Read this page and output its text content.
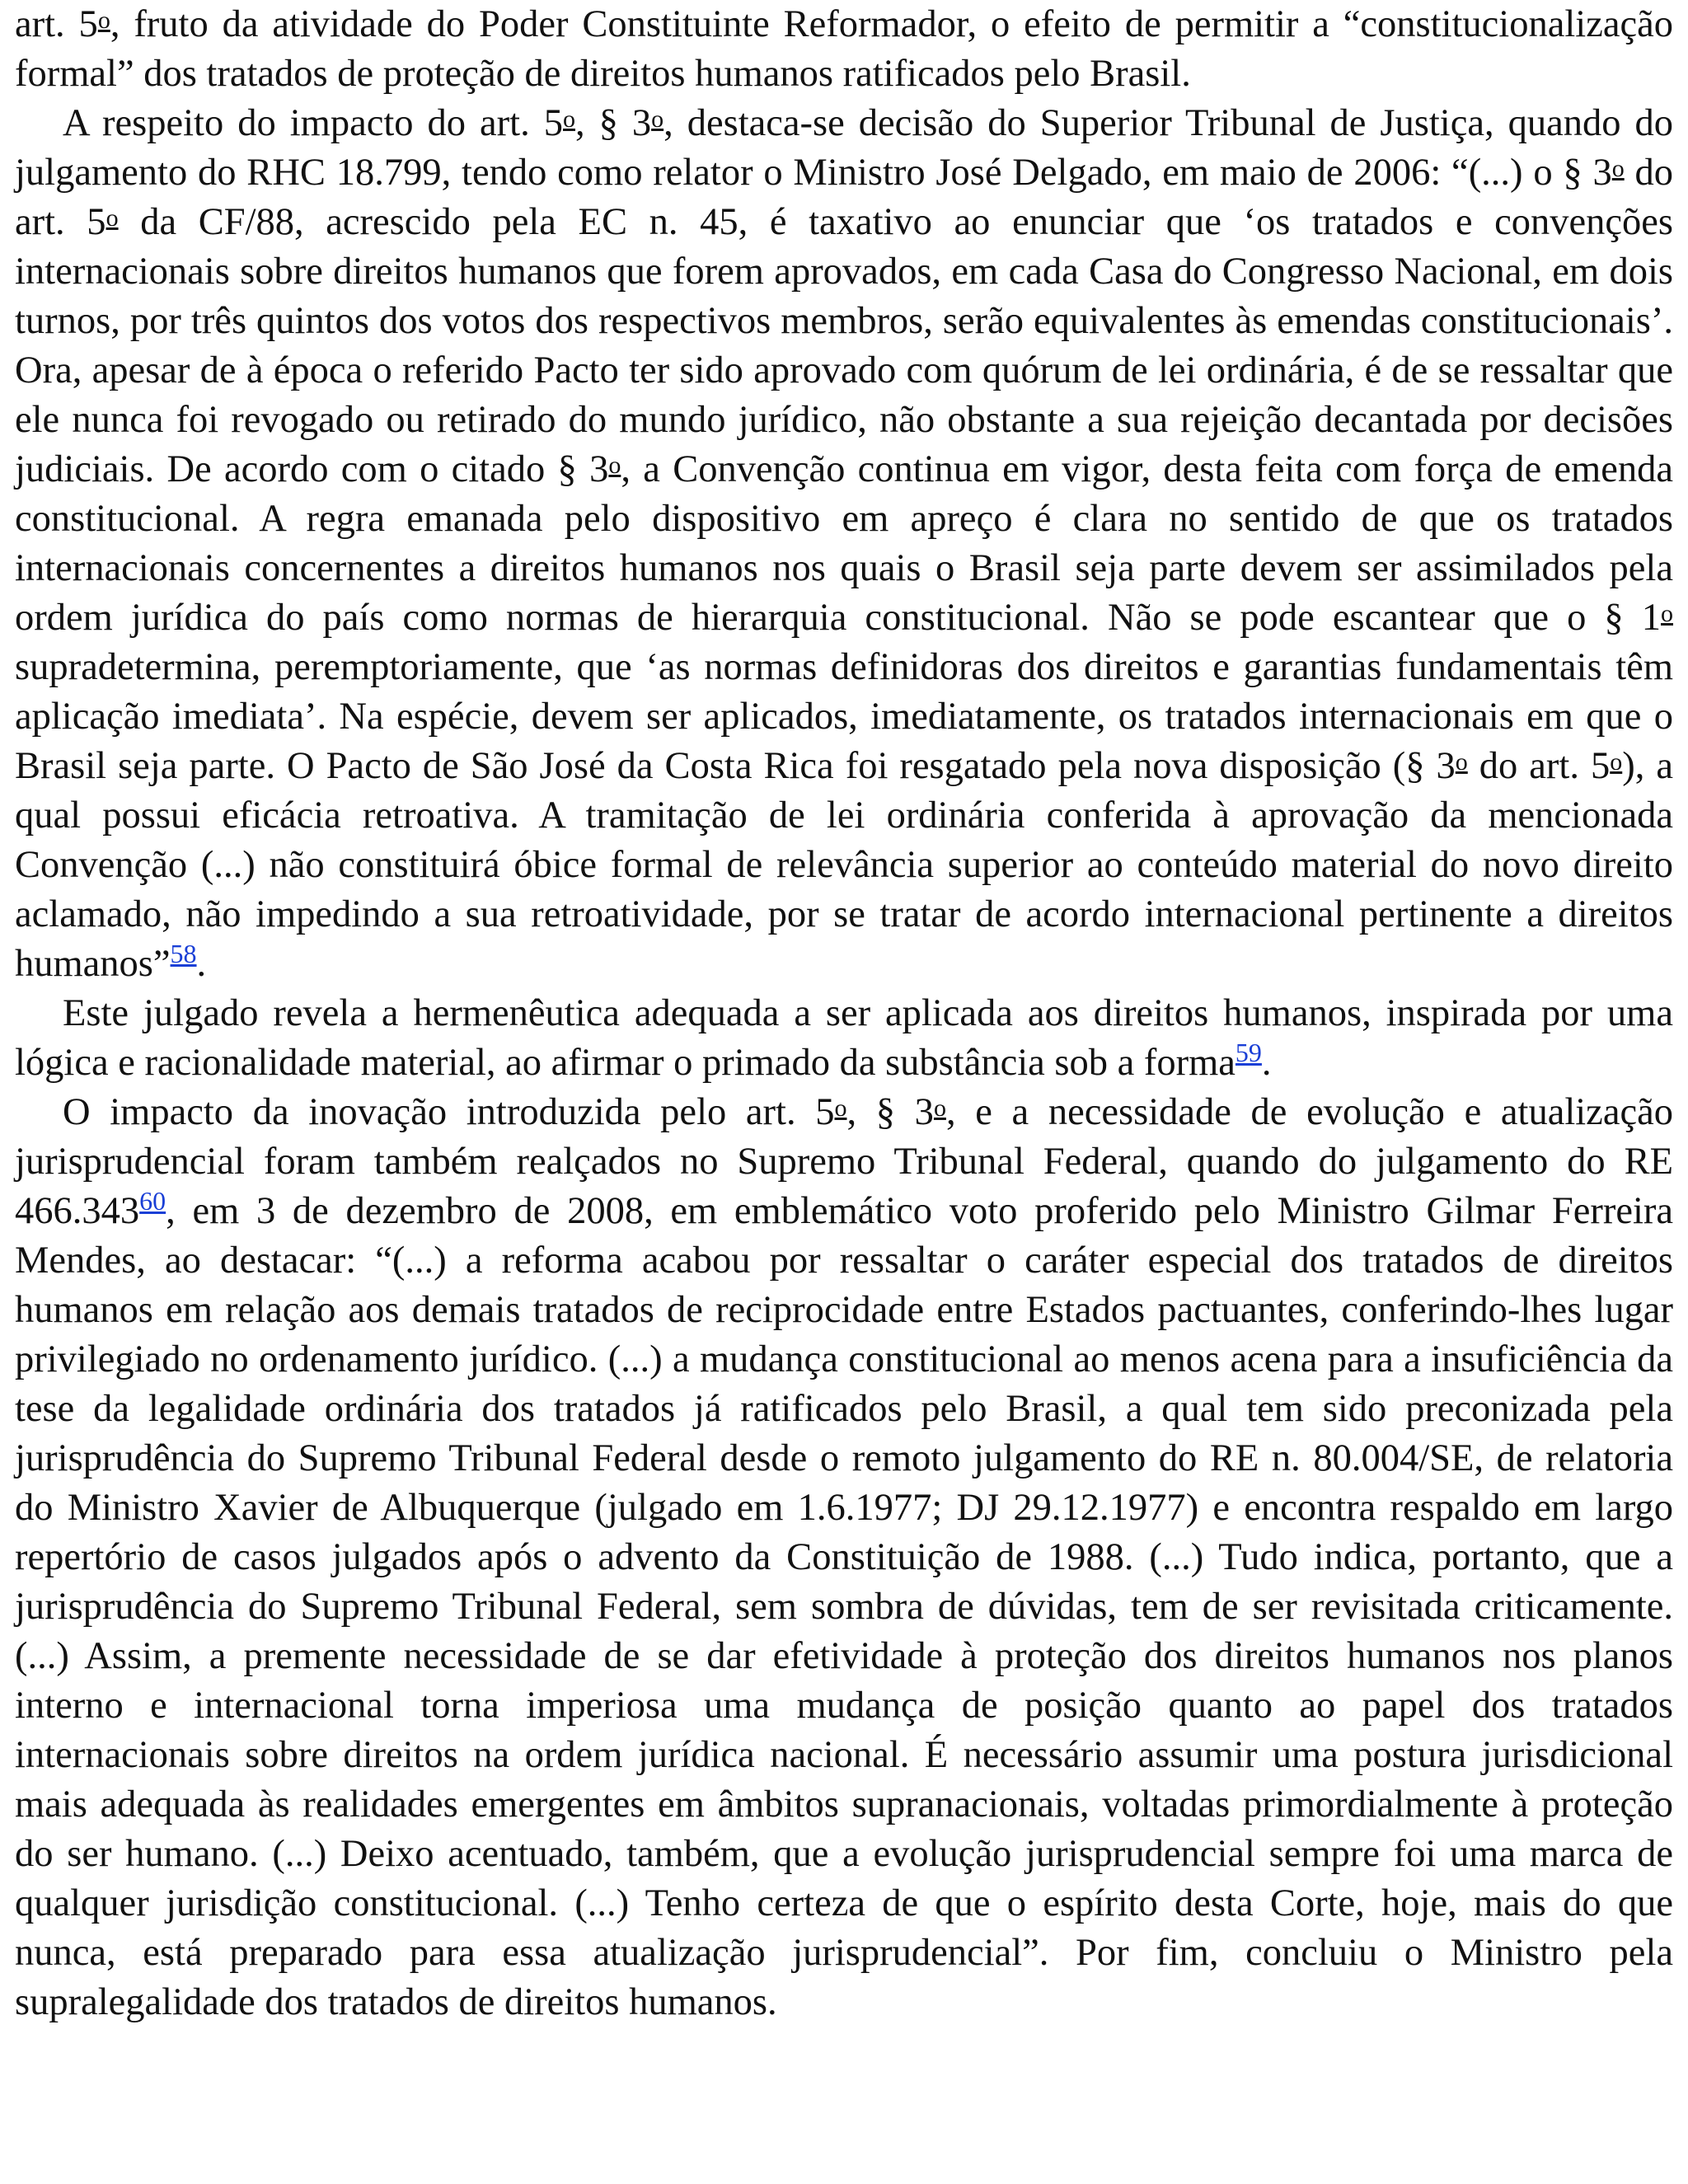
art. 5$^o$, fruto da atividade do Poder Constituinte Reformador, o efeito de permitir a “constitucionalização formal” dos tratados de proteção de direitos humanos ratificados pelo Brasil.

A respeito do impacto do art. 5$^o$, § 3$^o$, destaca-se decisão do Superior Tribunal de Justiça, quando do julgamento do RHC 18.799, tendo como relator o Ministro José Delgado, em maio de 2006: “(...) o § 3$^o$ do art. 5$^o$ da CF/88, acrescido pela EC n. 45, é taxativo ao enunciar que ‘os tratados e convenções internacionais sobre direitos humanos que forem aprovados, em cada Casa do Congresso Nacional, em dois turnos, por três quintos dos votos dos respectivos membros, serão equivalentes às emendas constitucionais’. Ora, apesar de à época o referido Pacto ter sido aprovado com quórum de lei ordinária, é de se ressaltar que ele nunca foi revogado ou retirado do mundo jurídico, não obstante a sua rejeição decantada por decisões judiciais. De acordo com o citado § 3$^o$, a Convenção continua em vigor, desta feita com força de emenda constitucional. A regra emanada pelo dispositivo em apreço é clara no sentido de que os tratados internacionais concernentes a direitos humanos nos quais o Brasil seja parte devem ser assimilados pela ordem jurídica do país como normas de hierarquia constitucional. Não se pode escantear que o § 1$^o$ supradetermina, peremptoriamente, que ‘as normas definidoras dos direitos e garantias fundamentais têm aplicação imediata’. Na espécie, devem ser aplicados, imediatamente, os tratados internacionais em que o Brasil seja parte. O Pacto de São José da Costa Rica foi resgatado pela nova disposição (§ 3$^o$ do art. 5$^o$), a qual possui eficácia retroativa. A tramitação de lei ordinária conferida à aprovação da mencionada Convenção (...) não constituirá óbice formal de relevância superior ao conteúdo material do novo direito aclamado, não impedindo a sua retroatividade, por se tratar de acordo internacional pertinente a direitos humanos”$^{58}$.

Este julgado revela a hermenêutica adequada a ser aplicada aos direitos humanos, inspirada por uma lógica e racionalidade material, ao afirmar o primado da substância sob a forma$^{59}$.

O impacto da inovação introduzida pelo art. 5$^o$, § 3$^o$, e a necessidade de evolução e atualização jurisprudencial foram também realçados no Supremo Tribunal Federal, quando do julgamento do RE 466.343$^{60}$, em 3 de dezembro de 2008, em emblemático voto proferido pelo Ministro Gilmar Ferreira Mendes, ao destacar: “(...) a reforma acabou por ressaltar o caráter especial dos tratados de direitos humanos em relação aos demais tratados de reciprocidade entre Estados pactuantes, conferindo-lhes lugar privilegiado no ordenamento jurídico. (...) a mudança constitucional ao menos acena para a insuficiência da tese da legalidade ordinária dos tratados já ratificados pelo Brasil, a qual tem sido preconizada pela jurisprudência do Supremo Tribunal Federal desde o remoto julgamento do RE n. 80.004/SE, de relatoria do Ministro Xavier de Albuquerque (julgado em 1.6.1977; DJ 29.12.1977) e encontra respaldo em largo repertório de casos julgados após o advento da Constituição de 1988. (...) Tudo indica, portanto, que a jurisprudência do Supremo Tribunal Federal, sem sombra de dúvidas, tem de ser revisitada criticamente. (...) Assim, a premente necessidade de se dar efetividade à proteção dos direitos humanos nos planos interno e internacional torna imperiosa uma mudança de posição quanto ao papel dos tratados internacionais sobre direitos na ordem jurídica nacional. É necessário assumir uma postura jurisdicional mais adequada às realidades emergentes em âmbitos supranacionais, voltadas primordialmente à proteção do ser humano. (...) Deixo acentuado, também, que a evolução jurisprudencial sempre foi uma marca de qualquer jurisdição constitucional. (...) Tenho certeza de que o espírito desta Corte, hoje, mais do que nunca, está preparado para essa atualização jurisprudencial”. Por fim, concluiu o Ministro pela supralegalidade dos tratados de direitos humanos.
